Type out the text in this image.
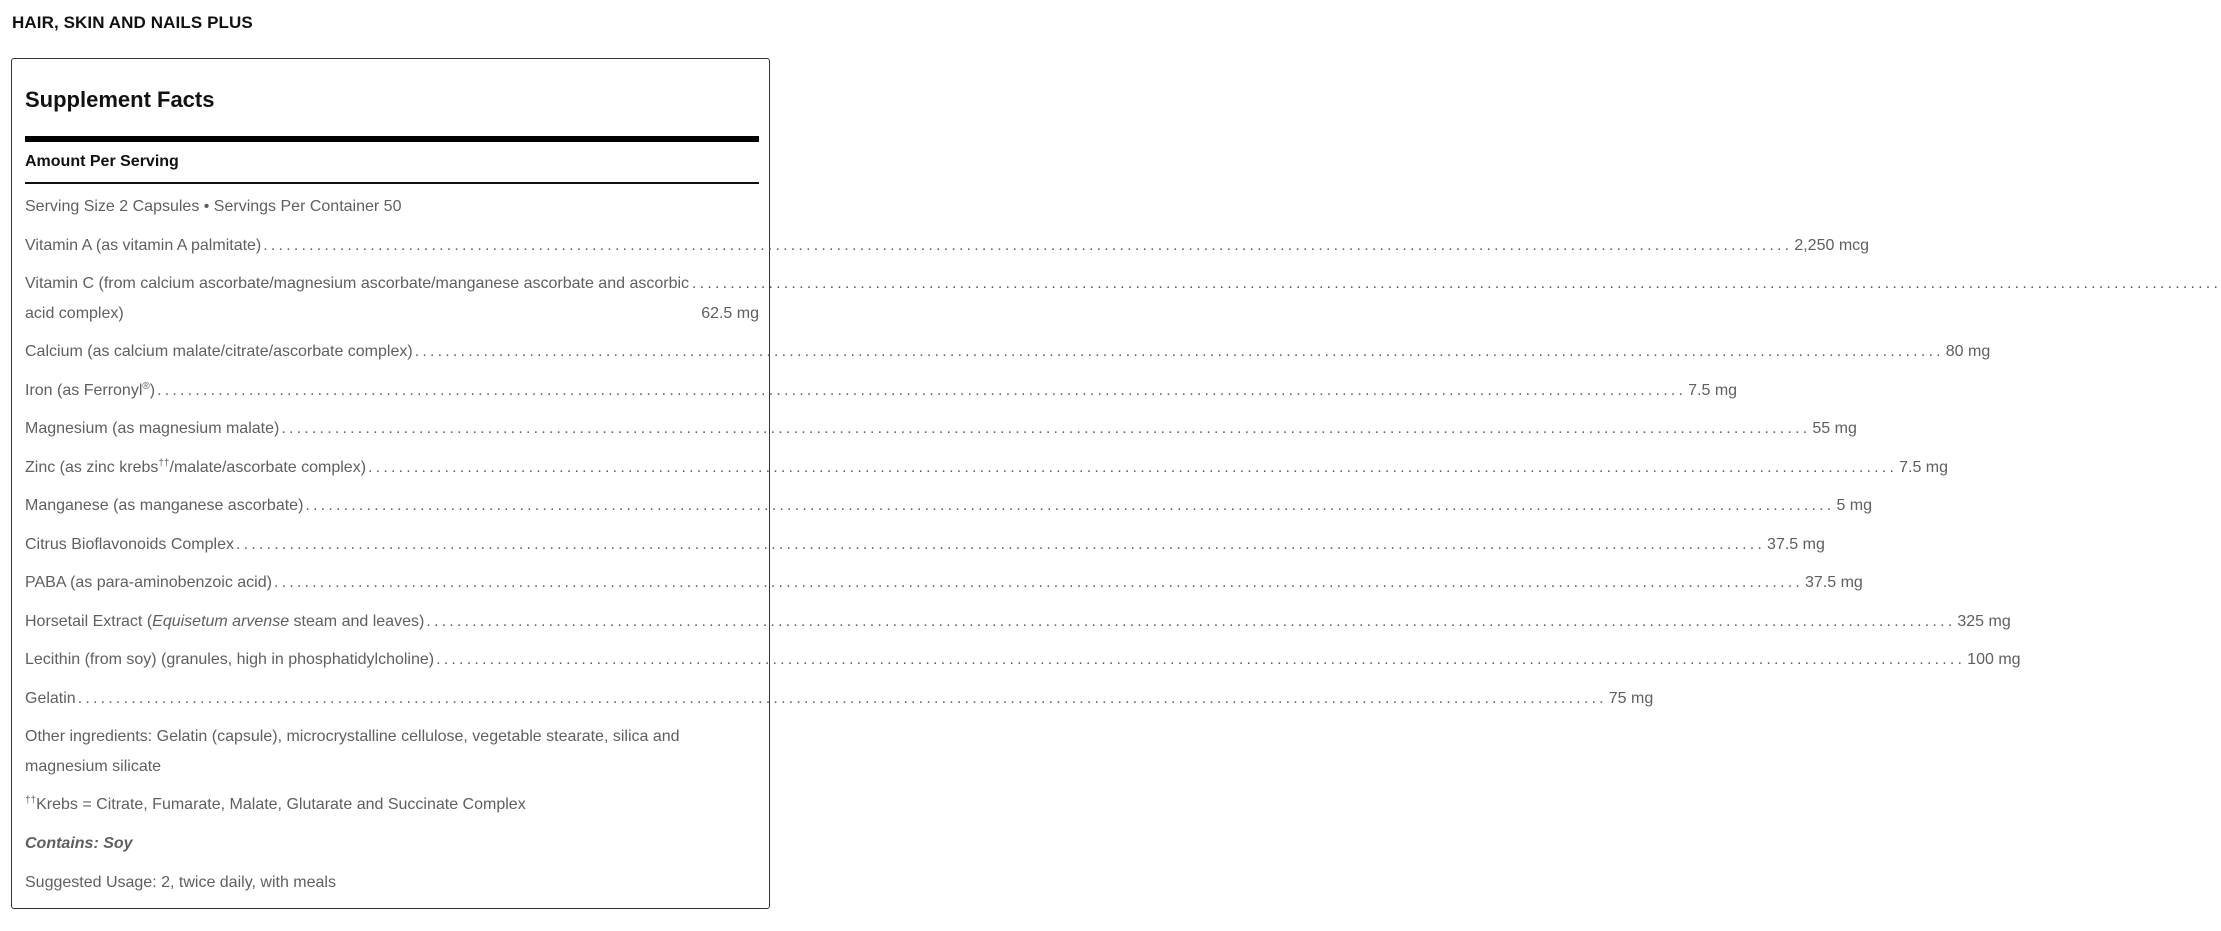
HAIR, SKIN AND NAILS PLUS
Supplement Facts
Amount Per Serving
Serving Size 2 Capsules • Servings Per Container 50
Vitamin A (as vitamin A palmitate) ........................................................................................................................................................................................................ 2,250 mcg
Vitamin C (from calcium ascorbate/magnesium ascorbate/manganese ascorbate and ascorbic ........................................................................................................................................................................................................
acid complex)	62.5 mg
Calcium (as calcium malate/citrate/ascorbate complex) ........................................................................................................................................................................................................ 80 mg
Iron (as Ferronyl®) ........................................................................................................................................................................................................ 7.5 mg
Magnesium (as magnesium malate) ........................................................................................................................................................................................................ 55 mg
Zinc (as zinc krebs††/malate/ascorbate complex) ........................................................................................................................................................................................................ 7.5 mg
Manganese (as manganese ascorbate) ........................................................................................................................................................................................................ 5 mg
Citrus Bioflavonoids Complex ........................................................................................................................................................................................................ 37.5 mg
PABA (as para-aminobenzoic acid) ........................................................................................................................................................................................................ 37.5 mg
Horsetail Extract (Equisetum arvense steam and leaves) ........................................................................................................................................................................................................ 325 mg
Lecithin (from soy) (granules, high in phosphatidylcholine) ........................................................................................................................................................................................................ 100 mg
Gelatin ........................................................................................................................................................................................................ 75 mg
Other ingredients: Gelatin (capsule), microcrystalline cellulose, vegetable stearate, silica and
magnesium silicate
††Krebs = Citrate, Fumarate, Malate, Glutarate and Succinate Complex
Contains: Soy
Suggested Usage: 2, twice daily, with meals
